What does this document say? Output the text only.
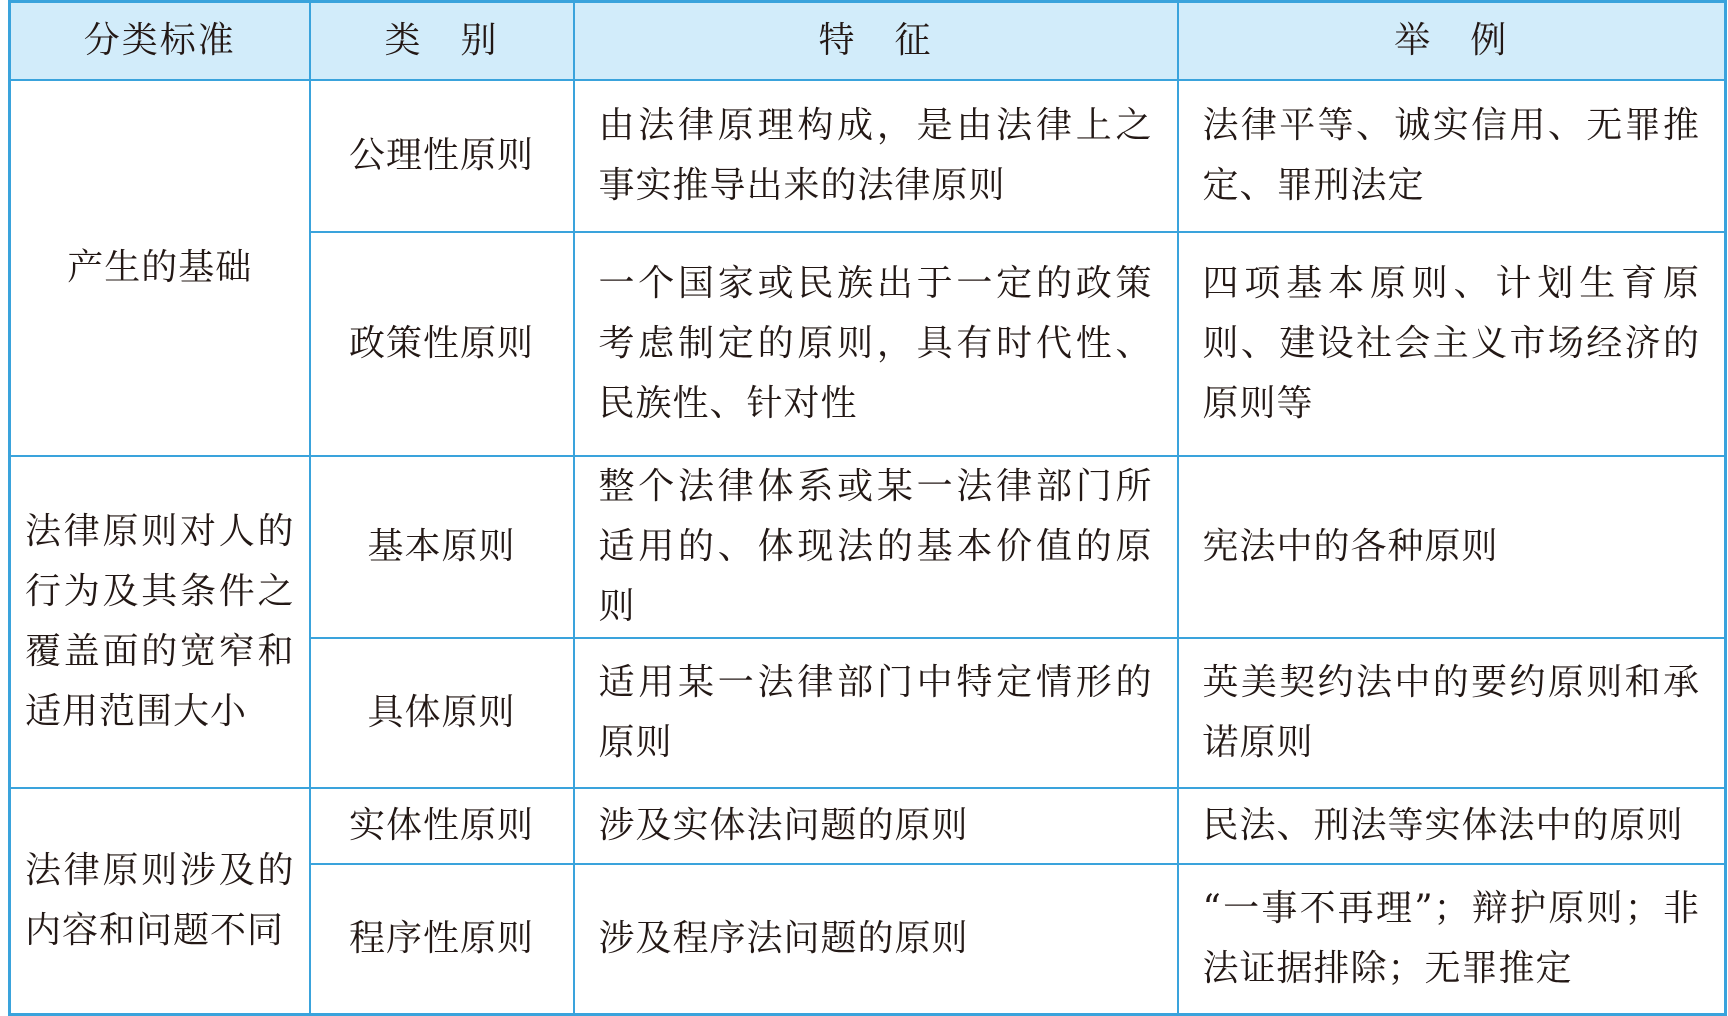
分类标准	类　别	特　征	举　例
产生的基础	公理性原则	由法律原理构成，是由法律上之事实推导出来的法律原则	法律平等、诚实信用、无罪推定、罪刑法定
	政策性原则	一个国家或民族出于一定的政策考虑制定的原则，具有时代性、民族性、针对性	四项基本原则、计划生育原则、建设社会主义市场经济的原则等
法律原则对人的行为及其条件之覆盖面的宽窄和适用范围大小	基本原则	整个法律体系或某一法律部门所适用的、体现法的基本价值的原则	宪法中的各种原则
	具体原则	适用某一法律部门中特定情形的原则	英美契约法中的要约原则和承诺原则
法律原则涉及的内容和问题不同	实体性原则	涉及实体法问题的原则	民法、刑法等实体法中的原则
	程序性原则	涉及程序法问题的原则	“一事不再理”；辩护原则；非法证据排除；无罪推定
